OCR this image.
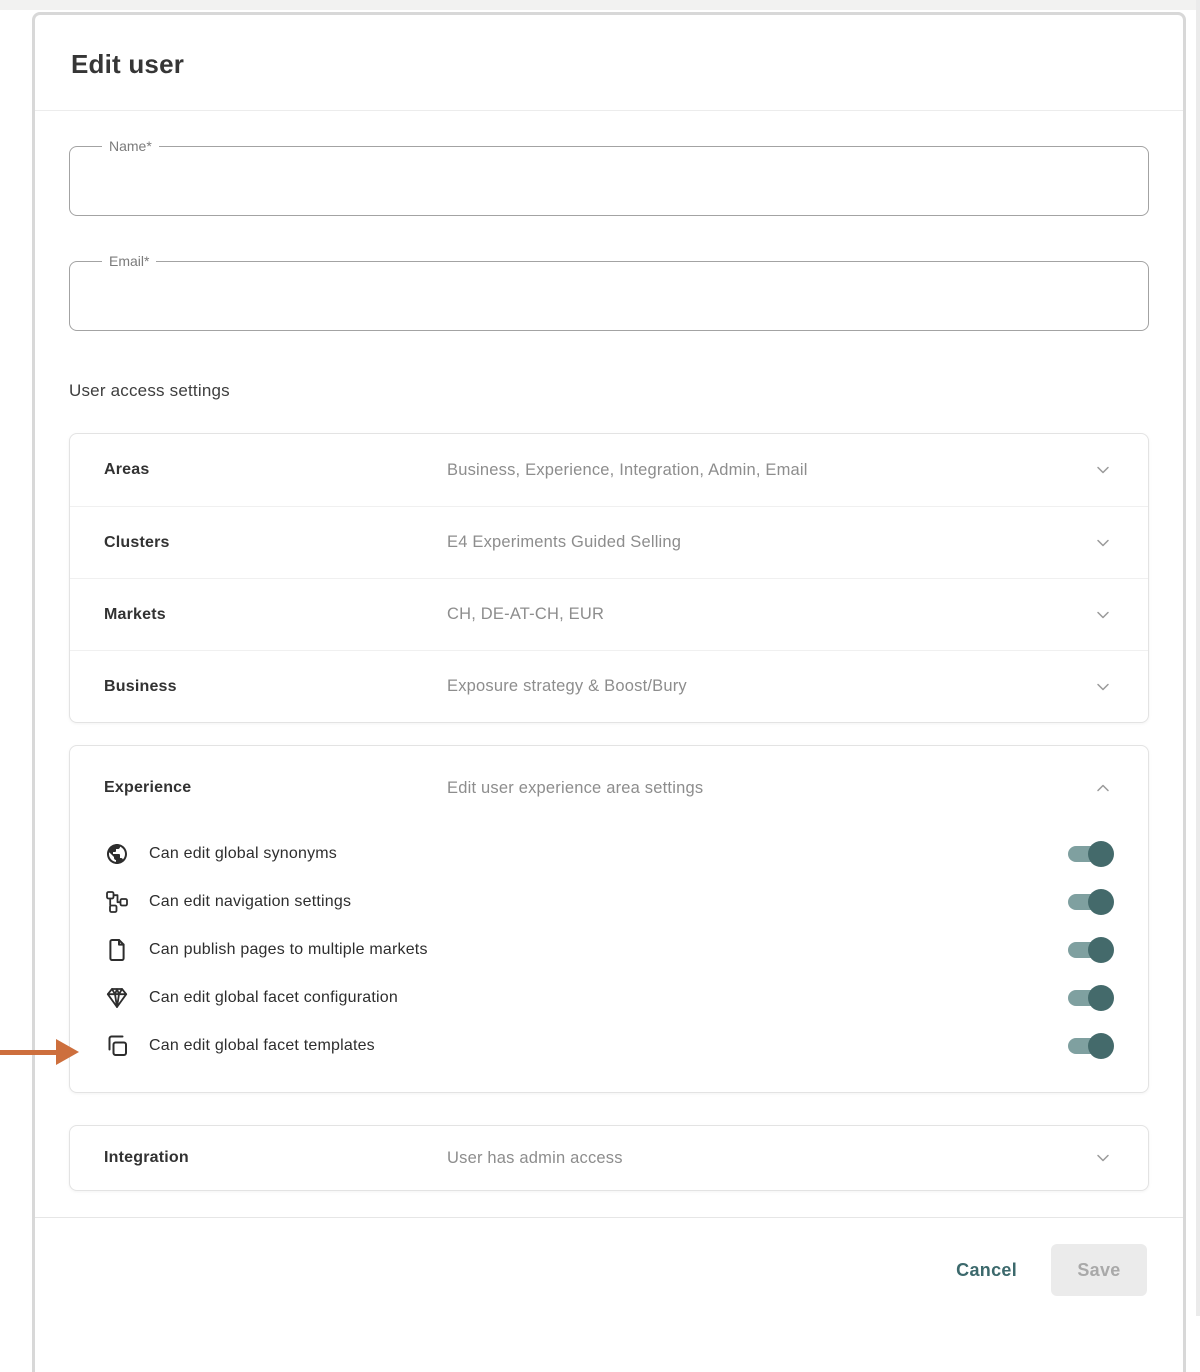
Edit user
Name*
Email*
User access settings
Areas	Business, Experience, Integration, Admin, Email
Clusters	E4 Experiments Guided Selling
Markets	CH, DE-AT-CH, EUR
Business	Exposure strategy & Boost/Bury
Experience	Edit user experience area settings
Can edit global synonyms
Can edit navigation settings
Can publish pages to multiple markets
Can edit global facet configuration
Can edit global facet templates
Integration	User has admin access
Cancel	Save
